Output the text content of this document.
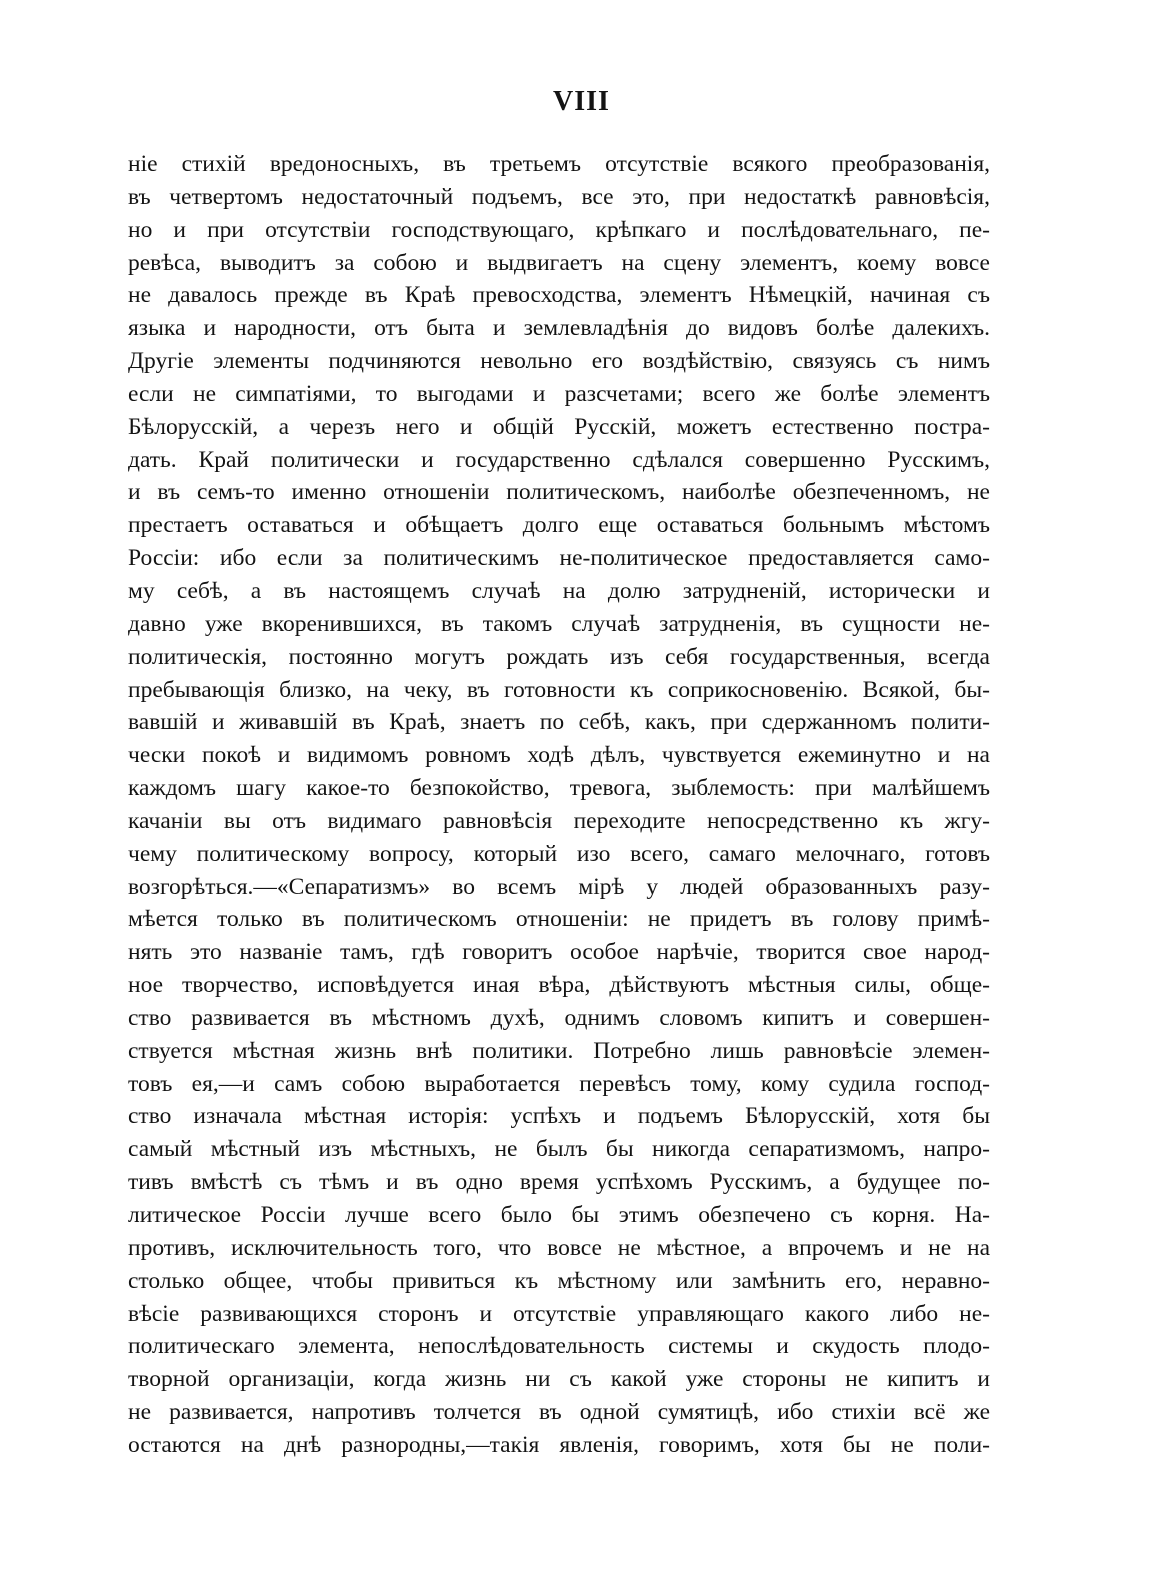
VIII
ніе стихій вредоносныхъ, въ третьемъ отсутствіе всякого преобразованія,
въ четвертомъ недостаточный подъемъ, все это, при недостаткѣ равновѣсія,
но и при отсутствіи господствующаго, крѣпкаго и послѣдовательнаго, пе-
ревѣса, выводитъ за собою и выдвигаетъ на сцену элементъ, коему вовсе
не давалось прежде въ Краѣ превосходства, элементъ Нѣмецкій, начиная съ
языка и народности, отъ быта и землевладѣнія до видовъ болѣе далекихъ.
Другіе элементы подчиняются невольно его воздѣйствію, связуясь съ нимъ
если не симпатіями, то выгодами и разсчетами; всего же болѣе элементъ
Бѣлорусскій, а черезъ него и общій Русскій, можетъ естественно постра-
дать. Край политически и государственно сдѣлался совершенно Русскимъ,
и въ семъ-то именно отношеніи политическомъ, наиболѣе обезпеченномъ, не
престаетъ оставаться и обѣщаетъ долго еще оставаться больнымъ мѣстомъ
Россіи: ибо если за политическимъ не-политическое предоставляется само-
му себѣ, а въ настоящемъ случаѣ на долю затрудненій, исторически и
давно уже вкоренившихся, въ такомъ случаѣ затрудненія, въ сущности не-
политическія, постоянно могутъ рождать изъ себя государственныя, всегда
пребывающія близко, на чеку, въ готовности къ соприкосновенію. Всякой, бы-
вавшій и живавшій въ Краѣ, знаетъ по себѣ, какъ, при сдержанномъ полити-
чески покоѣ и видимомъ ровномъ ходѣ дѣлъ, чувствуется ежеминутно и на
каждомъ шагу какое-то безпокойство, тревога, зыблемость: при малѣйшемъ
качаніи вы отъ видимаго равновѣсія переходите непосредственно къ жгу-
чему политическому вопросу, который изо всего, самаго мелочнаго, готовъ
возгорѣться.—«Сепаратизмъ» во всемъ мірѣ у людей образованныхъ разу-
мѣется только въ политическомъ отношеніи: не придетъ въ голову примѣ-
нять это названіе тамъ, гдѣ говоритъ особое нарѣчіе, творится свое народ-
ное творчество, исповѣдуется иная вѣра, дѣйствуютъ мѣстныя силы, обще-
ство развивается въ мѣстномъ духѣ, однимъ словомъ кипитъ и совершен-
ствуется мѣстная жизнь внѣ политики. Потребно лишь равновѣсіе элемен-
товъ ея,—и самъ собою выработается перевѣсъ тому, кому судила господ-
ство изначала мѣстная исторія: успѣхъ и подъемъ Бѣлорусскій, хотя бы
самый мѣстный изъ мѣстныхъ, не былъ бы никогда сепаратизмомъ, напро-
тивъ вмѣстѣ съ тѣмъ и въ одно время успѣхомъ Русскимъ, а будущее по-
литическое Россіи лучше всего было бы этимъ обезпечено съ корня. На-
противъ, исключительность того, что вовсе не мѣстное, а впрочемъ и не на
столько общее, чтобы привиться къ мѣстному или замѣнить его, неравно-
вѣсіе развивающихся сторонъ и отсутствіе управляющаго какого либо не-
политическаго элемента, непослѣдовательность системы и скудость плодо-
творной организаціи, когда жизнь ни съ какой уже стороны не кипитъ и
не развивается, напротивъ толчется въ одной сумятицѣ, ибо стихіи всё же
остаются на днѣ разнородны,—такія явленія, говоримъ, хотя бы не поли-
